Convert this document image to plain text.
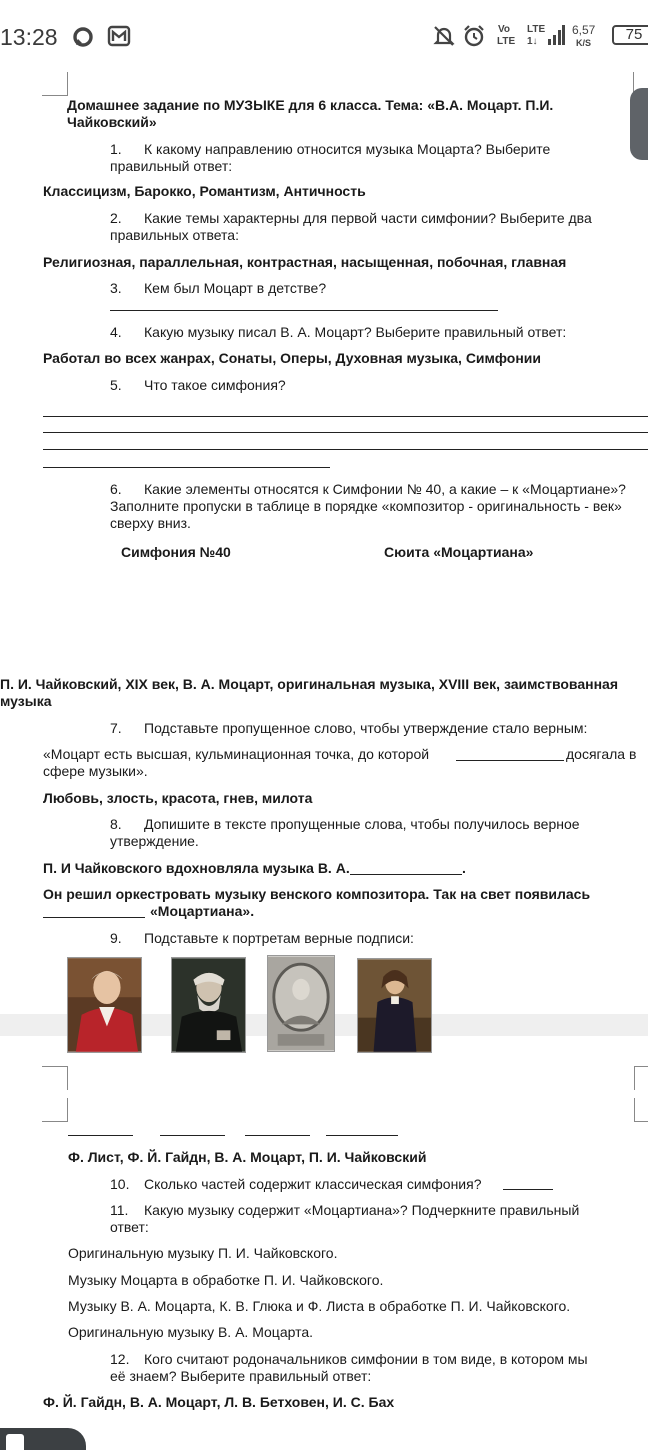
13:28	Vo
LTE
LTE
1↓
6,57
K/S	75
Домашнее задание по МУЗЫКЕ для 6 класса. Тема: «В.А. Моцарт. П.И.
Чайковский»
1. К какому направлению относится музыка Моцарта? Выберите
правильный ответ:
Классицизм, Барокко, Романтизм, Античность
2. Какие темы характерны для первой части симфонии? Выберите два
правильных ответа:
Религиозная, параллельная, контрастная, насыщенная, побочная, главная
3. Кем был Моцарт в детстве?
4. Какую музыку писал В. А. Моцарт? Выберите правильный ответ:
Работал во всех жанрах, Сонаты, Оперы, Духовная музыка, Симфонии
5. Что такое симфония?
6. Какие элементы относятся к Симфонии № 40, а какие – к «Моцартиане»?
Заполните пропуски в таблице в порядке «композитор - оригинальность - век»
сверху вниз.
Симфония №40	Сюита «Моцартиана»
П. И. Чайковский, XIX век, В. А. Моцарт, оригинальная музыка, XVIII век, заимствованная
музыка
7. Подставьте пропущенное слово, чтобы утверждение стало верным:
«Моцарт есть высшая, кульминационная точка, до которой	досягала в
сфере музыки».
Любовь, злость, красота, гнев, милота
8. Допишите в тексте пропущенные слова, чтобы получилось верное
утверждение.
П. И Чайковского вдохновляла музыка В. А.	.
Он решил оркестровать музыку венского композитора. Так на свет появилась
«Моцартиана».
9. Подставьте к портретам верные подписи:
Ф. Лист, Ф. Й. Гайдн, В. А. Моцарт, П. И. Чайковский
10. Сколько частей содержит классическая симфония?
11. Какую музыку содержит «Моцартиана»? Подчеркните правильный
ответ:
Оригинальную музыку П. И. Чайковского.
Музыку Моцарта в обработке П. И. Чайковского.
Музыку В. А. Моцарта, К. В. Глюка и Ф. Листа в обработке П. И. Чайковского.
Оригинальную музыку В. А. Моцарта.
12. Кого считают родоначальников симфонии в том виде, в котором мы
её знаем? Выберите правильный ответ:
Ф. Й. Гайдн, В. А. Моцарт, Л. В. Бетховен, И. С. Бах
